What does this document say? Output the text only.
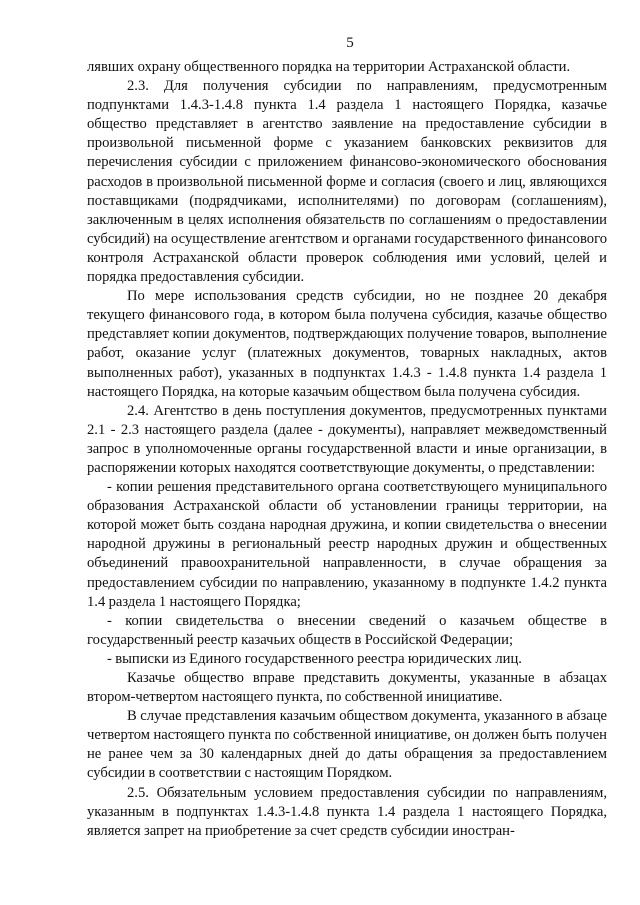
5

лявших охрану общественного порядка на территории Астраханской области.

2.3. Для получения субсидии по направлениям, предусмотренным подпунктами 1.4.3-1.4.8 пункта 1.4 раздела 1 настоящего Порядка, казачье общество представляет в агентство заявление на предоставление субсидии в произвольной письменной форме с указанием банковских реквизитов для перечисления субсидии с приложением финансово-экономического обоснования расходов в произвольной письменной форме и согласия (своего и лиц, являющихся поставщиками (подрядчиками, исполнителями) по договорам (соглашениям), заключенным в целях исполнения обязательств по соглашениям о предоставлении субсидий) на осуществление агентством и органами государственного финансового контроля Астраханской области проверок соблюдения ими условий, целей и порядка предоставления субсидии.

По мере использования средств субсидии, но не позднее 20 декабря текущего финансового года, в котором была получена субсидия, казачье общество представляет копии документов, подтверждающих получение товаров, выполнение работ, оказание услуг (платежных документов, товарных накладных, актов выполненных работ), указанных в подпунктах 1.4.3 - 1.4.8 пункта 1.4 раздела 1 настоящего Порядка, на которые казачьим обществом была получена субсидия.

2.4. Агентство в день поступления документов, предусмотренных пунктами 2.1 - 2.3 настоящего раздела (далее - документы), направляет межведомственный запрос в уполномоченные органы государственной власти и иные организации, в распоряжении которых находятся соответствующие документы, о представлении:

- копии решения представительного органа соответствующего муниципального образования Астраханской области об установлении границы территории, на которой может быть создана народная дружина, и копии свидетельства о внесении народной дружины в региональный реестр народных дружин и общественных объединений правоохранительной направленности, в случае обращения за предоставлением субсидии по направлению, указанному в подпункте 1.4.2 пункта 1.4 раздела 1 настоящего Порядка;

- копии свидетельства о внесении сведений о казачьем обществе в государственный реестр казачьих обществ в Российской Федерации;

- выписки из Единого государственного реестра юридических лиц.

Казачье общество вправе представить документы, указанные в абзацах втором-четвертом настоящего пункта, по собственной инициативе.

В случае представления казачьим обществом документа, указанного в абзаце четвертом настоящего пункта по собственной инициативе, он должен быть получен не ранее чем за 30 календарных дней до даты обращения за предоставлением субсидии в соответствии с настоящим Порядком.

2.5. Обязательным условием предоставления субсидии по направлениям, указанным в подпунктах 1.4.3-1.4.8 пункта 1.4 раздела 1 настоящего Порядка, является запрет на приобретение за счет средств субсидии иностран-
